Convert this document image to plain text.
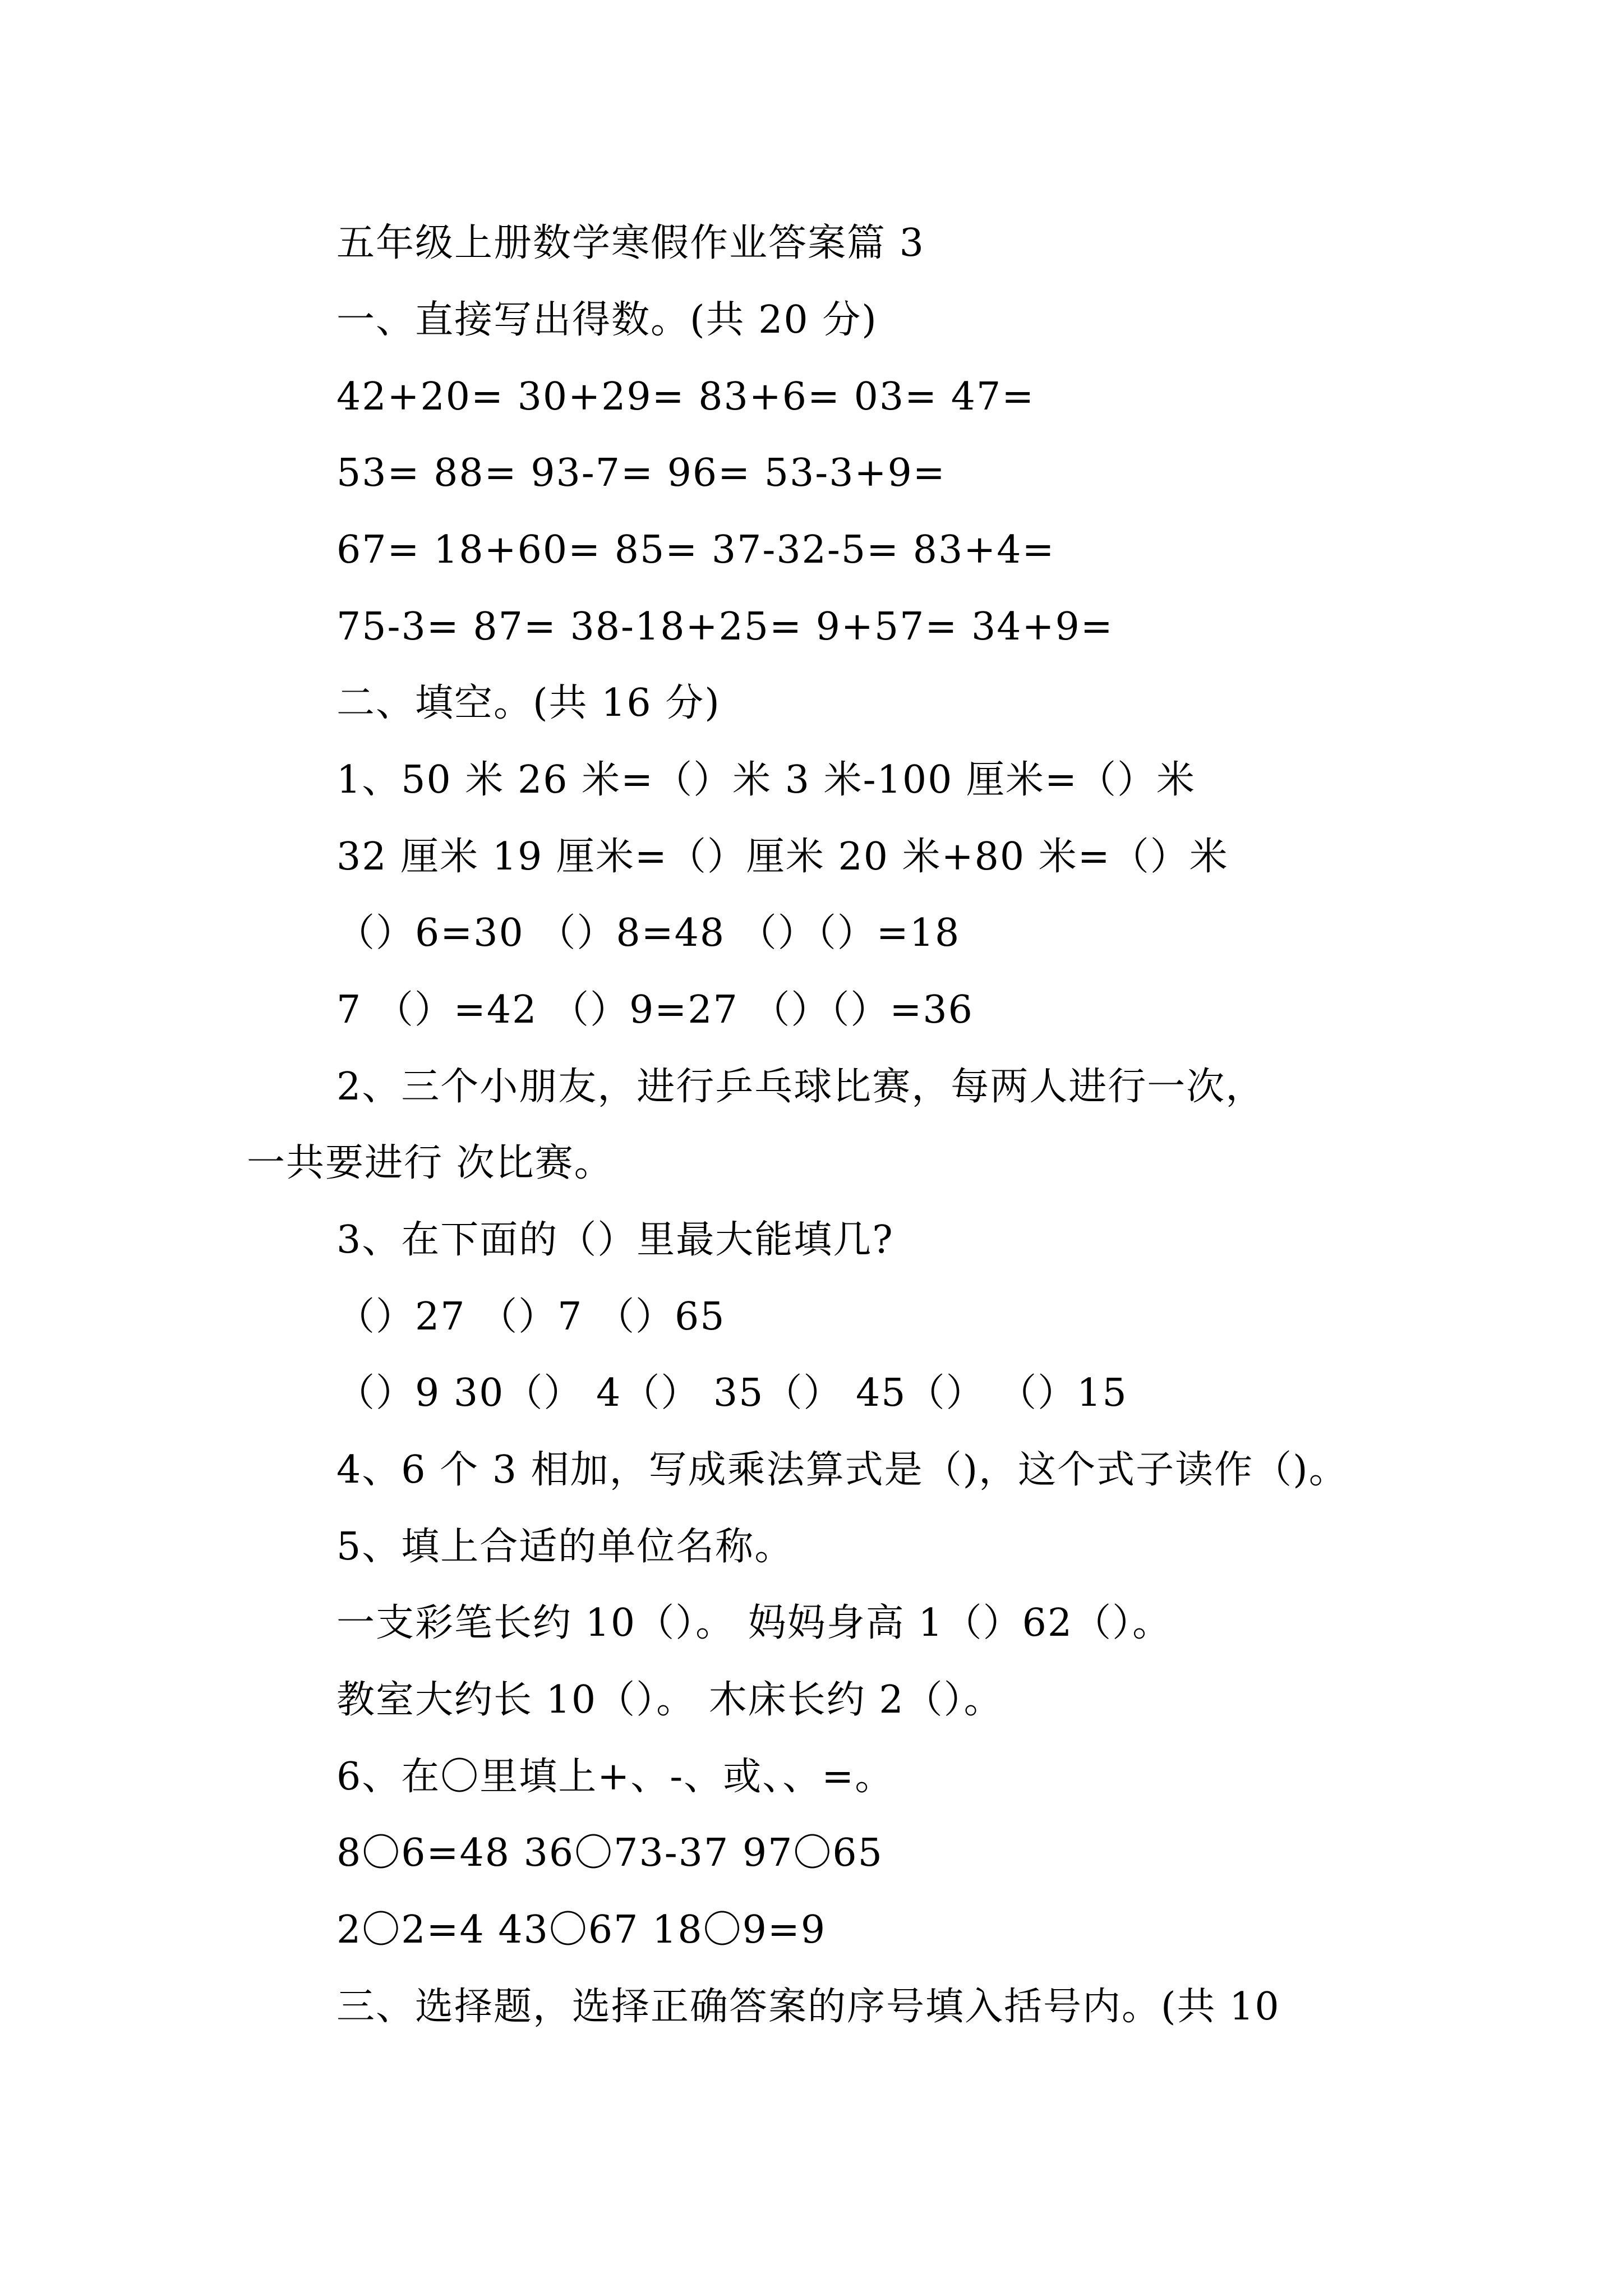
五年级上册数学寒假作业答案篇 3

一、直接写出得数。(共 20 分)

42+20= 30+29= 83+6= 03= 47=

53= 88= 93-7= 96= 53-3+9=

67= 18+60= 85= 37-32-5= 83+4=

75-3= 87= 38-18+25= 9+57= 34+9=

二、填空。(共 16 分)

1、50 米 26 米=（）米 3 米-100 厘米=（）米

32 厘米 19 厘米=（）厘米 20 米+80 米=（）米

（）6=30 （）8=48 （）（）=18

7 （）=42 （）9=27 （）（）=36

2、三个小朋友，进行乒乓球比赛，每两人进行一次，

一共要进行 次比赛。

3、在下面的（）里最大能填几?

（）27 （）7 （）65

（）9 30（） 4（） 35（） 45（） （）15

4、6 个 3 相加，写成乘法算式是（)，这个式子读作（)。

5、填上合适的单位名称。

一支彩笔长约 10（）。 妈妈身高 1（）62（）。

教室大约长 10（）。 木床长约 2（）。

6、在〇里填上+、-、或、、=。

8〇6=48 36〇73-37 97〇65

2〇2=4 43〇67 18〇9=9

三、选择题，选择正确答案的序号填入括号内。(共 10
